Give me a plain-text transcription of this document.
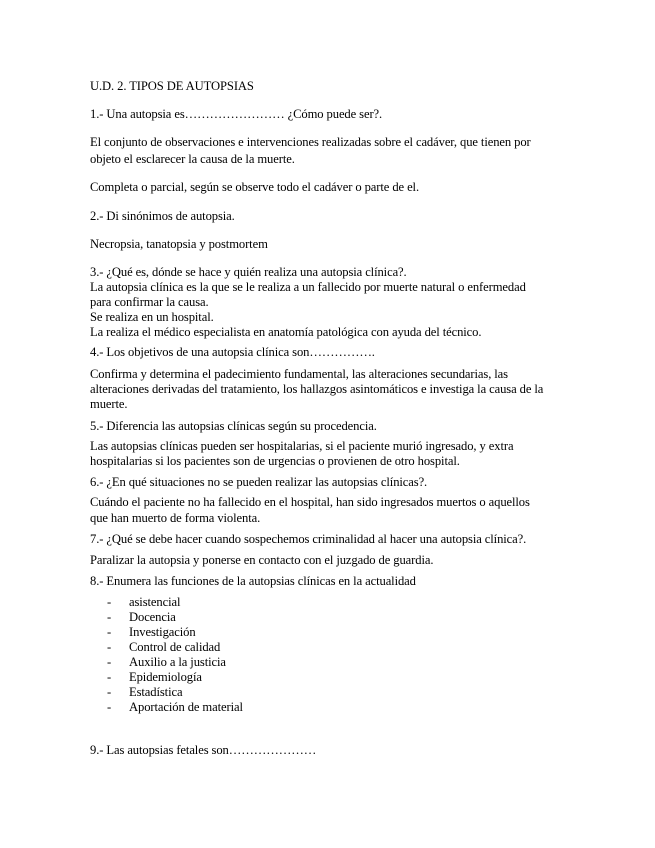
U.D. 2. TIPOS DE AUTOPSIAS
1.- Una autopsia es…………………… ¿Cómo puede ser?.
El conjunto de observaciones e intervenciones realizadas sobre el cadáver, que tienen por
objeto el esclarecer la causa de la muerte.
Completa o parcial, según se observe todo el cadáver o parte de el.
2.- Di sinónimos de autopsia.
Necropsia, tanatopsia y postmortem
3.- ¿Qué es, dónde se hace y quién realiza una autopsia clínica?.
La autopsia clínica es la que se le realiza a un fallecido por muerte natural o enfermedad
para confirmar la causa.
Se realiza en un hospital.
La realiza el médico especialista en anatomía patológica con ayuda del técnico.
4.- Los objetivos de una autopsia clínica son…………….
Confirma y determina el padecimiento fundamental, las alteraciones secundarias, las
alteraciones derivadas del tratamiento, los hallazgos asintomáticos e investiga la causa de la
muerte.
5.- Diferencia las autopsias clínicas según su procedencia.
Las autopsias clínicas pueden ser hospitalarias, si el paciente murió ingresado, y extra
hospitalarias si los pacientes son de urgencias o provienen de otro hospital.
6.- ¿En qué situaciones no se pueden realizar las autopsias clínicas?.
Cuándo el paciente no ha fallecido en el hospital, han sido ingresados muertos o aquellos
que han muerto de forma violenta.
7.- ¿Qué se debe hacer cuando sospechemos criminalidad al hacer una autopsia clínica?.
Paralizar la autopsia y ponerse en contacto con el juzgado de guardia.
8.- Enumera las funciones de la autopsias clínicas en la actualidad
- asistencial
- Docencia
- Investigación
- Control de calidad
- Auxilio a la justicia
- Epidemiología
- Estadística
- Aportación de material
9.- Las autopsias fetales son…………………
